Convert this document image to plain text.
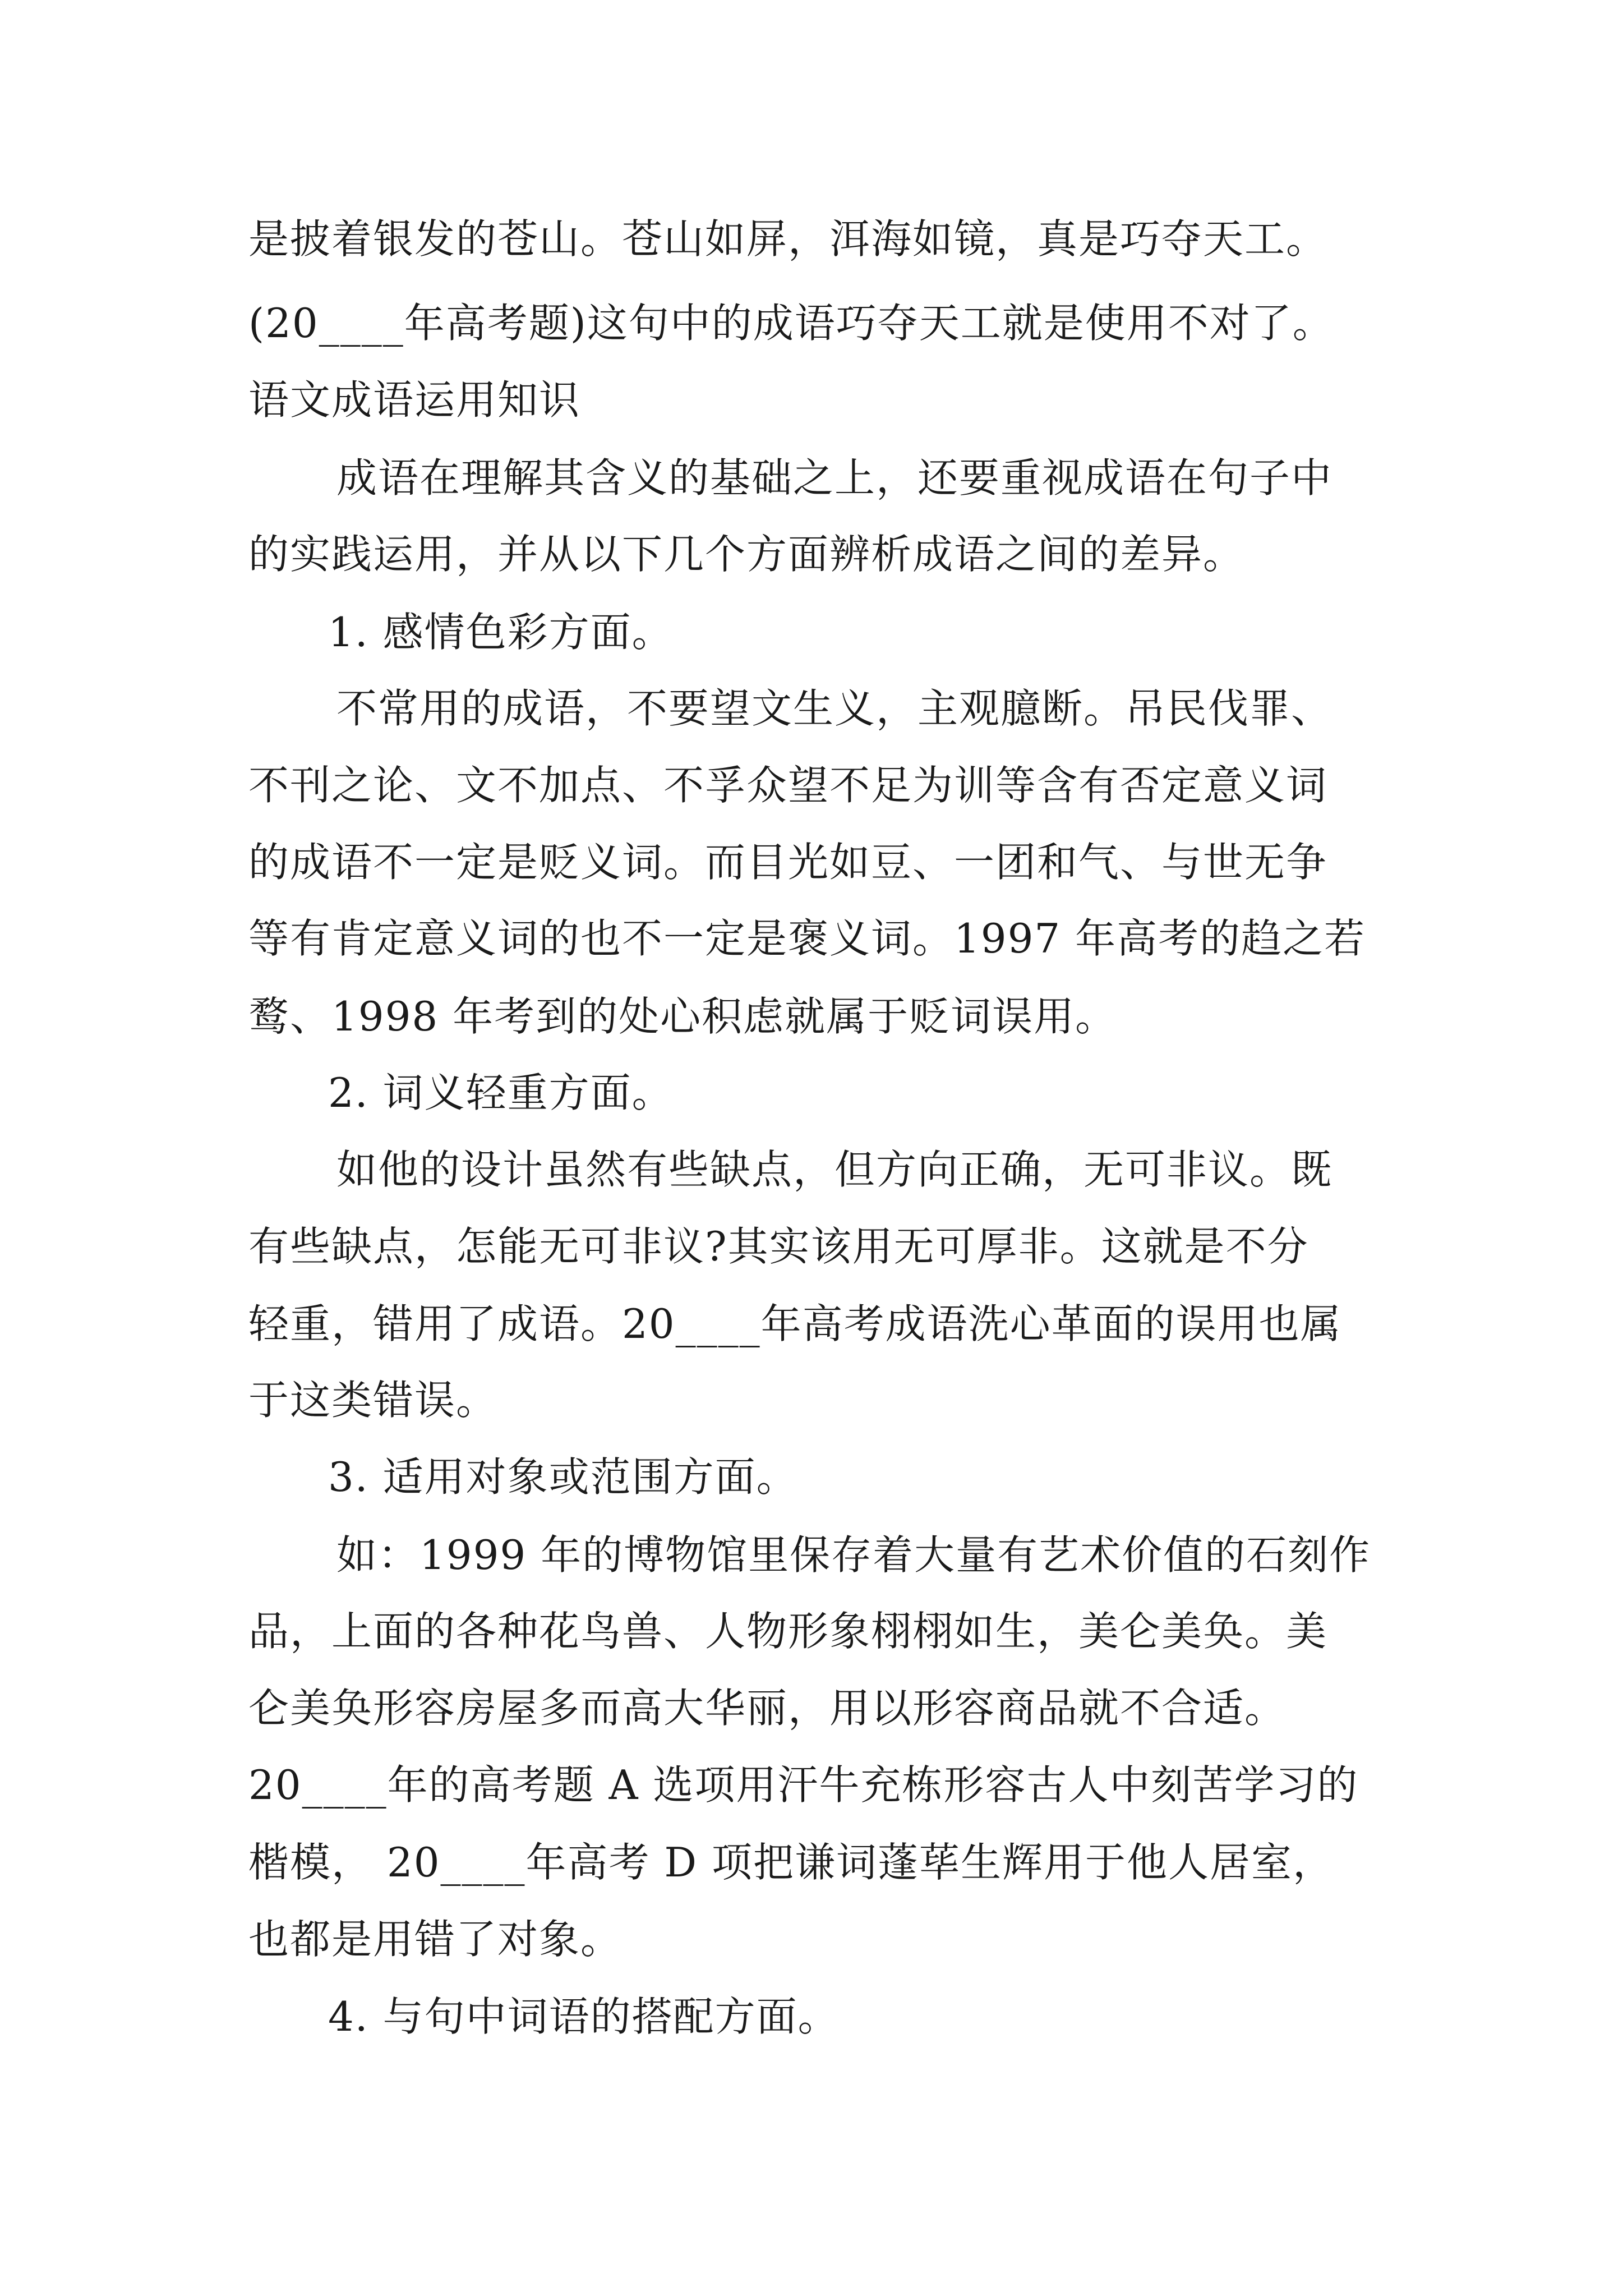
是披着银发的苍山。苍山如屏，洱海如镜，真是巧夺天工。

(20____年高考题)这句中的成语巧夺天工就是使用不对了。

语文成语运用知识

成语在理解其含义的基础之上，还要重视成语在句子中

的实践运用，并从以下几个方面辨析成语之间的差异。

1. 感情色彩方面。

不常用的成语，不要望文生义，主观臆断。吊民伐罪、

不刊之论、文不加点、不孚众望不足为训等含有否定意义词

的成语不一定是贬义词。而目光如豆、一团和气、与世无争

等有肯定意义词的也不一定是褒义词。1997 年高考的趋之若

鹜、1998 年考到的处心积虑就属于贬词误用。

2. 词义轻重方面。

如他的设计虽然有些缺点，但方向正确，无可非议。既

有些缺点，怎能无可非议?其实该用无可厚非。这就是不分

轻重，错用了成语。20____年高考成语洗心革面的误用也属

于这类错误。

3. 适用对象或范围方面。

如：1999 年的博物馆里保存着大量有艺术价值的石刻作

品，上面的各种花鸟兽、人物形象栩栩如生，美仑美奂。美

仑美奂形容房屋多而高大华丽，用以形容商品就不合适。

20____年的高考题 A 选项用汗牛充栋形容古人中刻苦学习的

楷模， 20____年高考 D 项把谦词蓬荜生辉用于他人居室，

也都是用错了对象。

4. 与句中词语的搭配方面。
